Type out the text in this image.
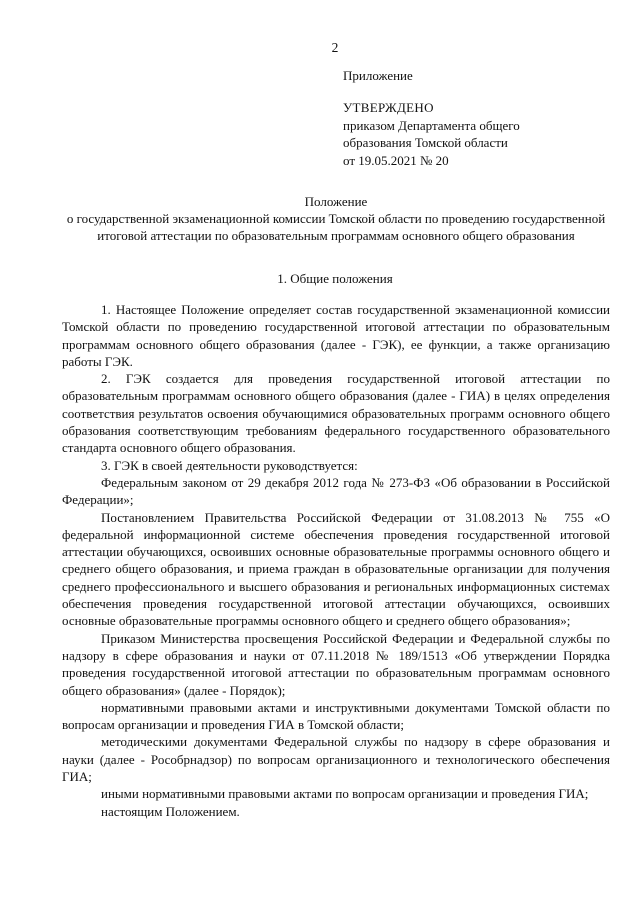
2
Приложение
УТВЕРЖДЕНО
приказом Департамента общего
образования Томской области
от 19.05.2021 № 20
Положение
о государственной экзаменационной комиссии Томской области по проведению государственной итоговой аттестации по образовательным программам основного общего образования
1. Общие положения

1. Настоящее Положение определяет состав государственной экзаменационной комиссии Томской области по проведению государственной итоговой аттестации по образовательным программам основного общего образования (далее - ГЭК), ее функции, а также организацию работы ГЭК.

2. ГЭК создается для проведения государственной итоговой аттестации по образовательным программам основного общего образования (далее - ГИА) в целях определения соответствия результатов освоения обучающимися образовательных программ основного общего образования соответствующим требованиям федерального государственного образовательного стандарта основного общего образования.

3. ГЭК в своей деятельности руководствуется:

Федеральным законом от 29 декабря 2012 года № 273-ФЗ «Об образовании в Российской Федерации»;

Постановлением Правительства Российской Федерации от 31.08.2013 № 755 «О федеральной информационной системе обеспечения проведения государственной итоговой аттестации обучающихся, освоивших основные образовательные программы основного общего и среднего общего образования, и приема граждан в образовательные организации для получения среднего профессионального и высшего образования и региональных информационных системах обеспечения проведения государственной итоговой аттестации обучающихся, освоивших основные образовательные программы основного общего и среднего общего образования»;

Приказом Министерства просвещения Российской Федерации и Федеральной службы по надзору в сфере образования и науки от 07.11.2018 № 189/1513 «Об утверждении Порядка проведения государственной итоговой аттестации по образовательным программам основного общего образования» (далее - Порядок);

нормативными правовыми актами и инструктивными документами Томской области по вопросам организации и проведения ГИА в Томской области;

методическими документами Федеральной службы по надзору в сфере образования и науки (далее - Рособрнадзор) по вопросам организационного и технологического обеспечения ГИА;

иными нормативными правовыми актами по вопросам организации и проведения ГИА;

настоящим Положением.
